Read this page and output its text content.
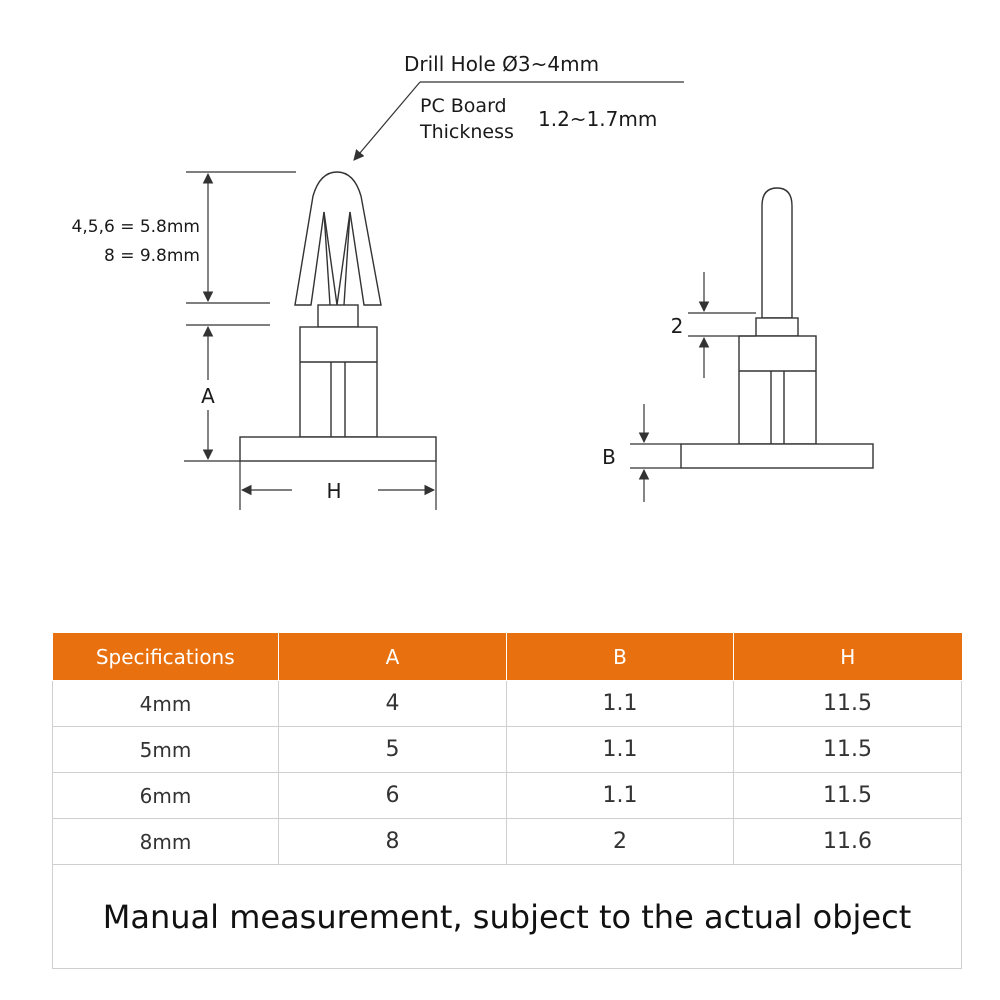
Drill Hole Ø3~4mm
PC Board
Thickness
1.2~1.7mm
4,5,6 = 5.8mm
8 = 9.8mm
A
H
2
B
Specifications	A	B	H
4mm	4	1.1	11.5
5mm	5	1.1	11.5
6mm	6	1.1	11.5
8mm	8	2	11.6
Manual measurement, subject to the actual object			
